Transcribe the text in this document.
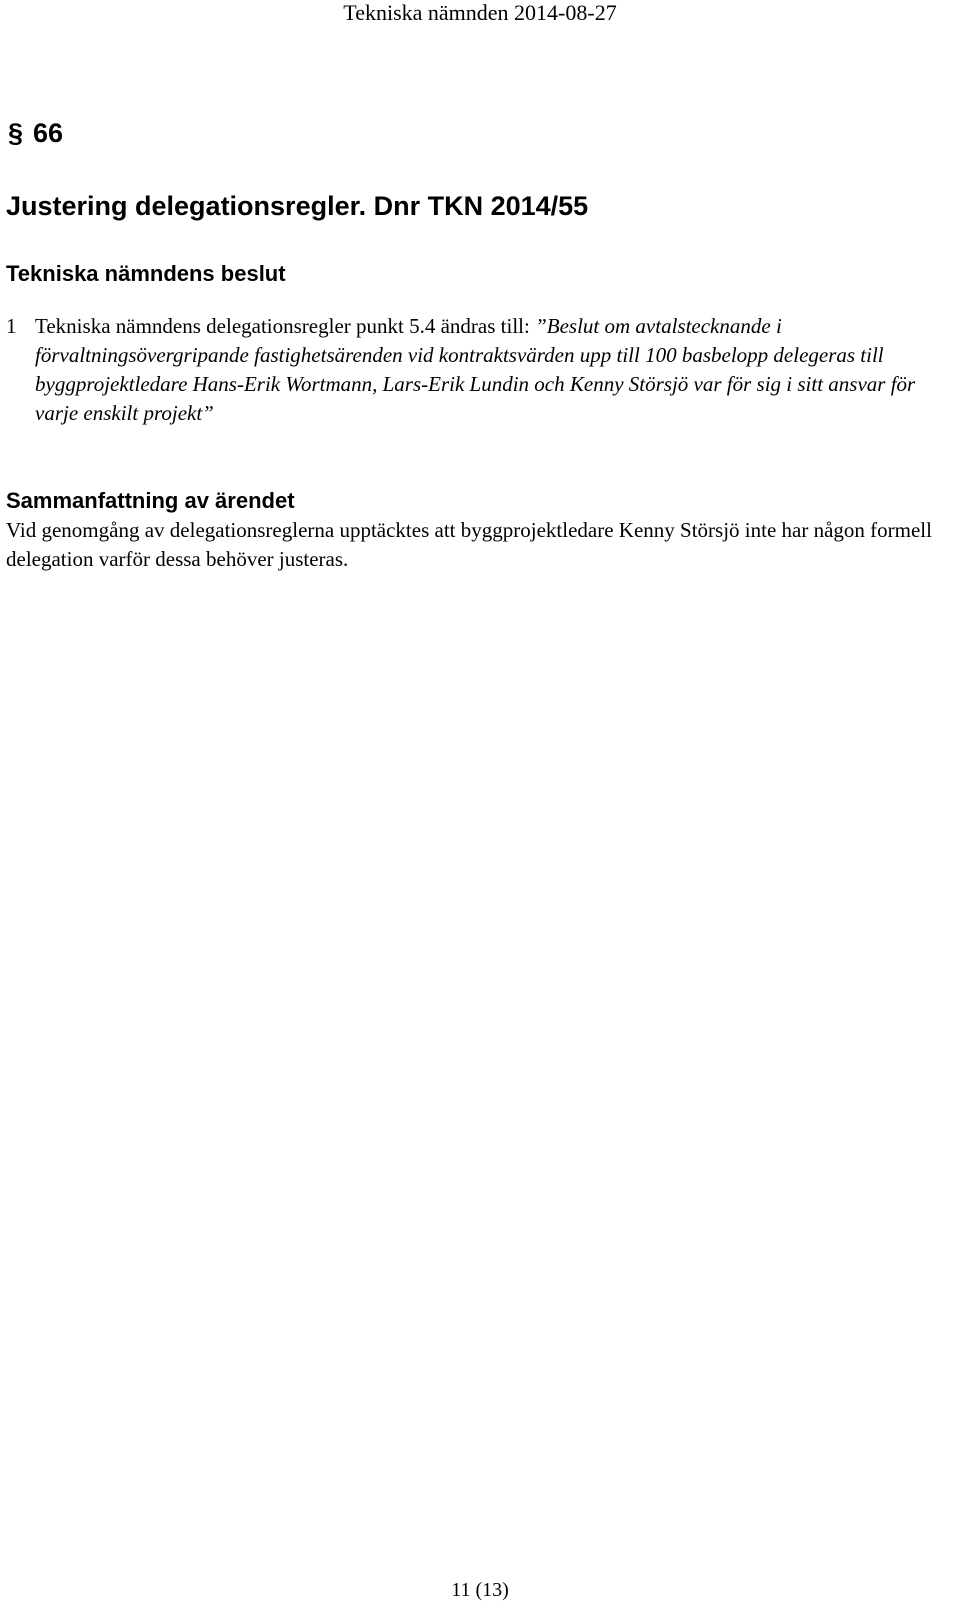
Tekniska nämnden 2014-08-27
§ 66
Justering delegationsregler. Dnr TKN 2014/55
Tekniska nämndens beslut
1 Tekniska nämndens delegationsregler punkt 5.4 ändras till: ”Beslut om avtalstecknande i förvaltningsövergripande fastighetsärenden vid kontraktsvärden upp till 100 basbelopp delegeras till byggprojektledare Hans-Erik Wortmann, Lars-Erik Lundin och Kenny Störsjö var för sig i sitt ansvar för varje enskilt projekt”
Sammanfattning av ärendet
Vid genomgång av delegationsreglerna upptäcktes att byggprojektledare Kenny Störsjö inte har någon formell delegation varför dessa behöver justeras.
11 (13)
